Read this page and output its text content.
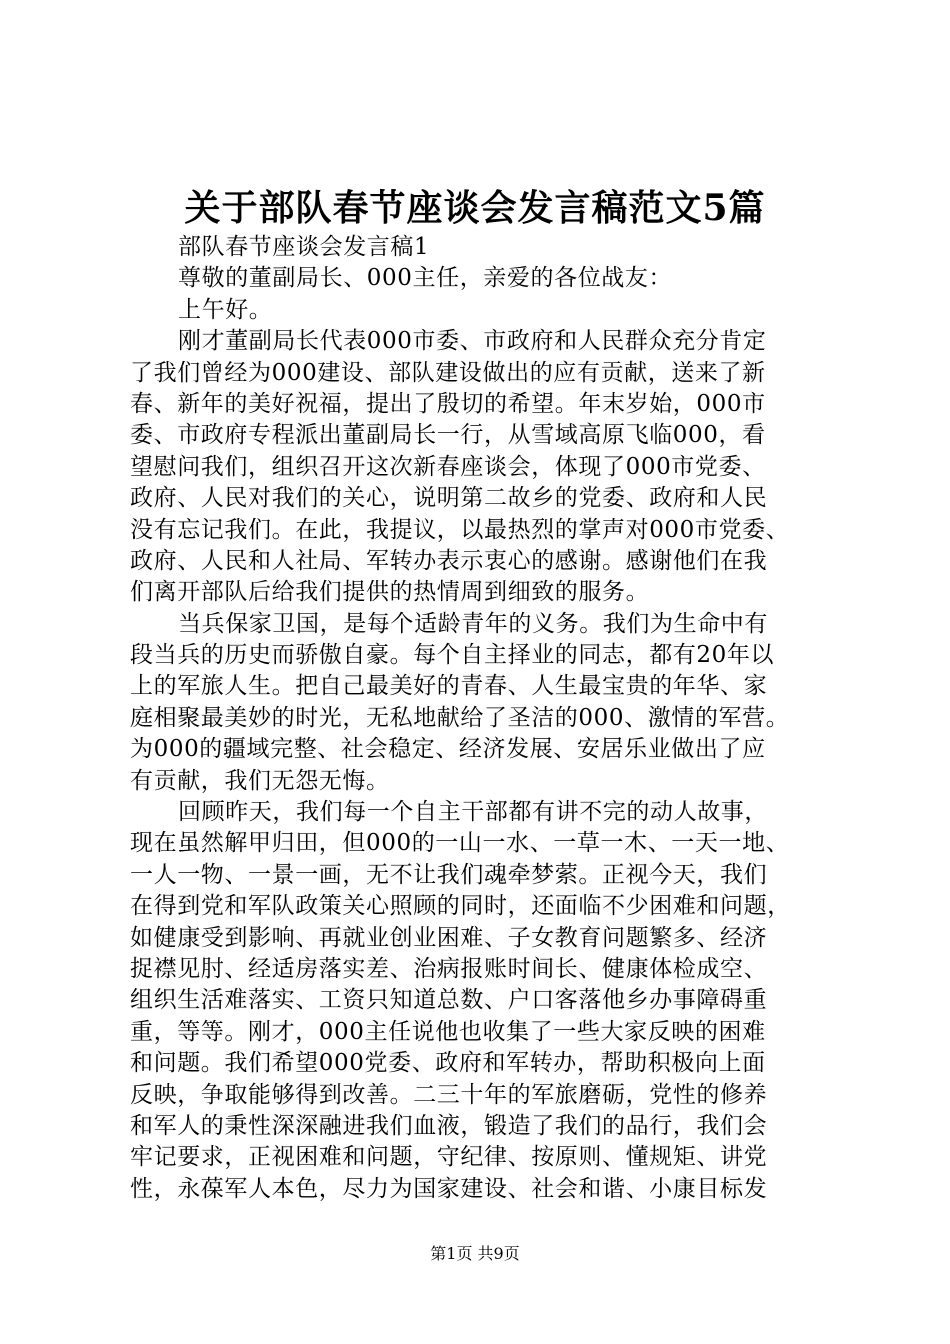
关于部队春节座谈会发言稿范文5篇
部队春节座谈会发言稿1
尊敬的董副局长、000主任，亲爱的各位战友：
上午好。
刚才董副局长代表000市委、市政府和人民群众充分肯定
了我们曾经为000建设、部队建设做出的应有贡献，送来了新
春、新年的美好祝福，提出了殷切的希望。年末岁始，000市
委、市政府专程派出董副局长一行，从雪域高原飞临000，看
望慰问我们，组织召开这次新春座谈会，体现了000市党委、
政府、人民对我们的关心，说明第二故乡的党委、政府和人民
没有忘记我们。在此，我提议，以最热烈的掌声对000市党委、
政府、人民和人社局、军转办表示衷心的感谢。感谢他们在我
们离开部队后给我们提供的热情周到细致的服务。
当兵保家卫国，是每个适龄青年的义务。我们为生命中有
段当兵的历史而骄傲自豪。每个自主择业的同志，都有20年以
上的军旅人生。把自己最美好的青春、人生最宝贵的年华、家
庭相聚最美妙的时光，无私地献给了圣洁的000、激情的军营。
为000的疆域完整、社会稳定、经济发展、安居乐业做出了应
有贡献，我们无怨无悔。
回顾昨天，我们每一个自主干部都有讲不完的动人故事，
现在虽然解甲归田，但000的一山一水、一草一木、一天一地、
一人一物、一景一画，无不让我们魂牵梦萦。正视今天，我们
在得到党和军队政策关心照顾的同时，还面临不少困难和问题，
如健康受到影响、再就业创业困难、子女教育问题繁多、经济
捉襟见肘、经适房落实差、治病报账时间长、健康体检成空、
组织生活难落实、工资只知道总数、户口客落他乡办事障碍重
重，等等。刚才，000主任说他也收集了一些大家反映的困难
和问题。我们希望000党委、政府和军转办，帮助积极向上面
反映，争取能够得到改善。二三十年的军旅磨砺，党性的修养
和军人的秉性深深融进我们血液，锻造了我们的品行，我们会
牢记要求，正视困难和问题，守纪律、按原则、懂规矩、讲党
性，永葆军人本色，尽力为国家建设、社会和谐、小康目标发
第1页 共9页
